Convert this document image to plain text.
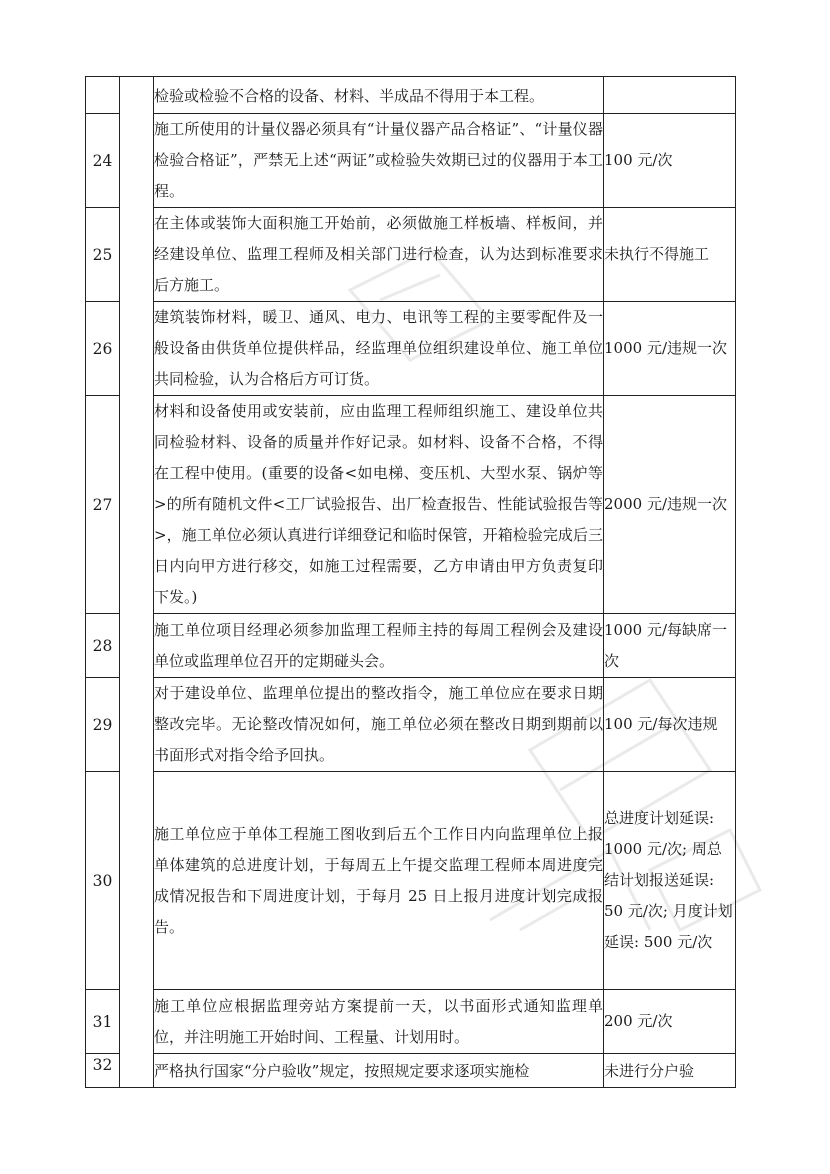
		检验或检验不合格的设备、材料、半成品不得用于本工程。	
24		施工所使用的计量仪器必须具有“计量仪器产品合格证”、“计量仪器检验合格证”，严禁无上述“两证”或检验失效期已过的仪器用于本工程。	100 元/次
25		在主体或装饰大面积施工开始前，必须做施工样板墙、样板间，并经建设单位、监理工程师及相关部门进行检查，认为达到标准要求后方施工。	未执行不得施工
26		建筑装饰材料，暖卫、通风、电力、电讯等工程的主要零配件及一般设备由供货单位提供样品，经监理单位组织建设单位、施工单位共同检验，认为合格后方可订货。	1000 元/违规一次
27		材料和设备使用或安装前，应由监理工程师组织施工、建设单位共同检验材料、设备的质量并作好记录。如材料、设备不合格，不得在工程中使用。(重要的设备<如电梯、变压机、大型水泵、锅炉等>的所有随机文件<工厂试验报告、出厂检查报告、性能试验报告等>，施工单位必须认真进行详细登记和临时保管，开箱检验完成后三日内向甲方进行移交，如施工过程需要，乙方申请由甲方负责复印下发。)	2000 元/违规一次
28		施工单位项目经理必须参加监理工程师主持的每周工程例会及建设单位或监理单位召开的定期碰头会。	1000 元/每缺席一次
29		对于建设单位、监理单位提出的整改指令，施工单位应在要求日期整改完毕。无论整改情况如何，施工单位必须在整改日期到期前以书面形式对指令给予回执。	100 元/每次违规
30		施工单位应于单体工程施工图收到后五个工作日内向监理单位上报单体建筑的总进度计划，于每周五上午提交监理工程师本周进度完成情况报告和下周进度计划，于每月 25 日上报月进度计划完成报告。	总进度计划延误: 1000 元/次; 周总结计划报送延误: 50 元/次; 月度计划延误: 500 元/次
31		施工单位应根据监理旁站方案提前一天，以书面形式通知监理单位，并注明施工开始时间、工程量、计划用时。	200 元/次
32		严格执行国家“分户验收”规定，按照规定要求逐项实施检	未进行分户验
